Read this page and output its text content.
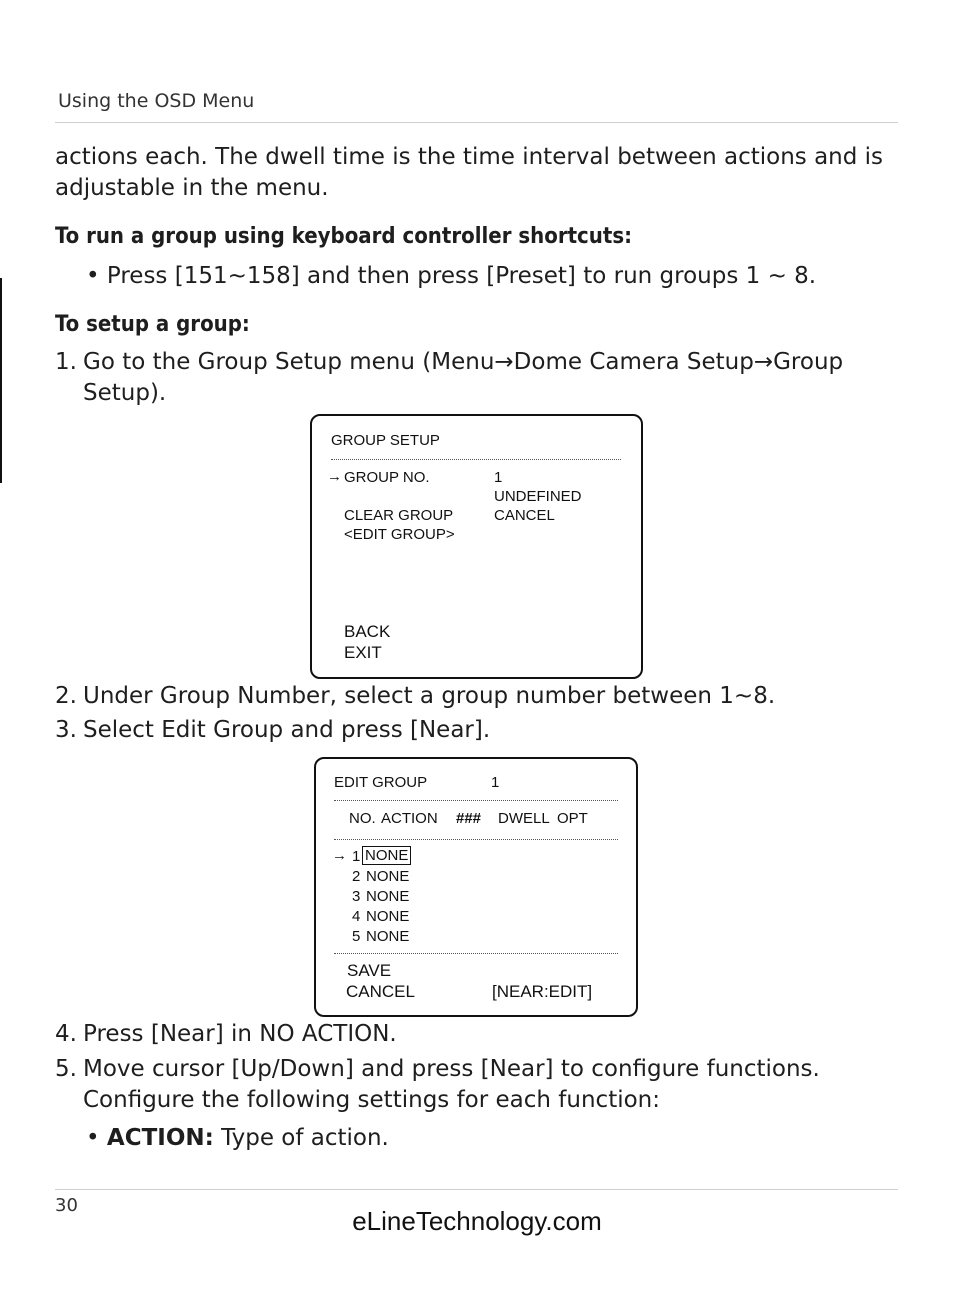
Using the OSD Menu
actions each. The dwell time is the time interval between actions and is adjustable in the menu.
To run a group using keyboard controller shortcuts:
• Press [151~158] and then press [Preset] to run groups 1 ~ 8.
To setup a group:
1. Go to the Group Setup menu (Menu→Dome Camera Setup→Group Setup).
GROUP SETUP
→ GROUP NO.	1
UNDEFINED
CLEAR GROUP	CANCEL
<EDIT GROUP>
BACK
EXIT
2. Under Group Number, select a group number between 1~8.
3. Select Edit Group and press [Near].
EDIT GROUP	1
NO. ACTION ### DWELL OPT
→ 1 NONE
2 NONE
3 NONE
4 NONE
5 NONE
SAVE
CANCEL	[NEAR:EDIT]
4. Press [Near] in NO ACTION.
5. Move cursor [Up/Down] and press [Near] to configure functions. Configure the following settings for each function:
• ACTION: Type of action.
30
eLineTechnology.com
